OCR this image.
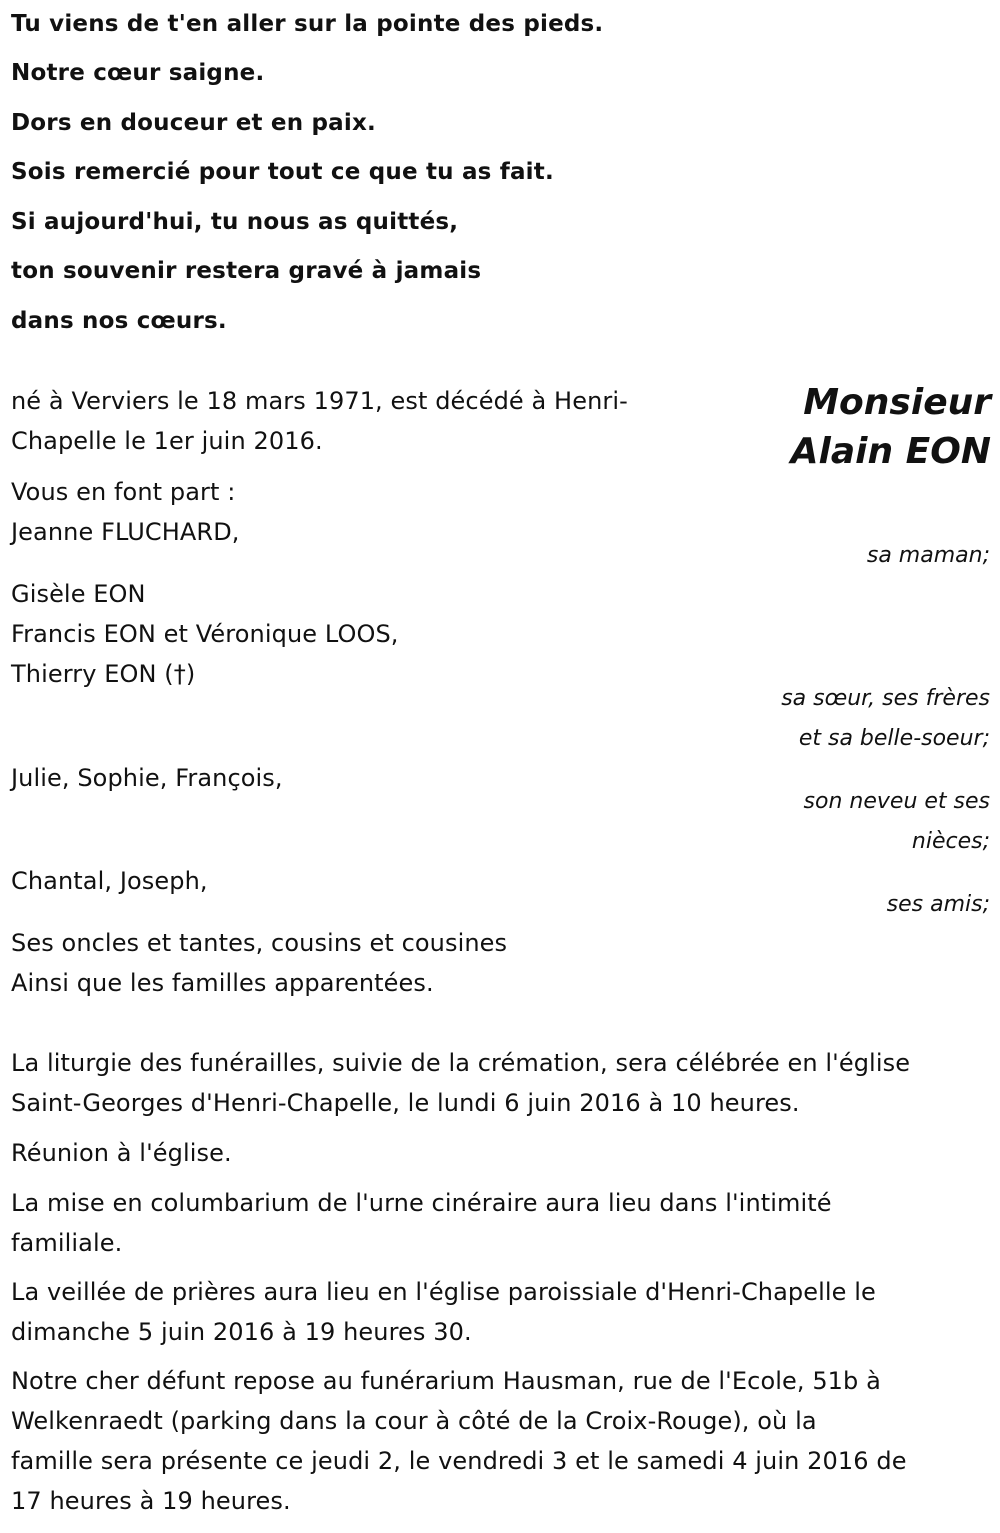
Tu viens de t'en aller sur la pointe des pieds.

Notre cœur saigne.

Dors en douceur et en paix.

Sois remercié pour tout ce que tu as fait.

Si aujourd'hui, tu nous as quittés,

ton souvenir restera gravé à jamais

dans nos cœurs.

Monsieur

Alain EON

né à Verviers le 18 mars 1971, est décédé à Henri-

Chapelle le 1er juin 2016.

Vous en font part :

Jeanne FLUCHARD,

sa maman;

Gisèle EON

Francis EON et Véronique LOOS,

Thierry EON (†)

sa sœur, ses frères

et sa belle-soeur;

Julie, Sophie, François,

son neveu et ses

nièces;

Chantal, Joseph,

ses amis;

Ses oncles et tantes, cousins et cousines

Ainsi que les familles apparentées.

La liturgie des funérailles, suivie de la crémation, sera célébrée en l'église

Saint-Georges d'Henri-Chapelle, le lundi 6 juin 2016 à 10 heures.

Réunion à l'église.

La mise en columbarium de l'urne cinéraire aura lieu dans l'intimité

familiale.

La veillée de prières aura lieu en l'église paroissiale d'Henri-Chapelle le

dimanche 5 juin 2016 à 19 heures 30.

Notre cher défunt repose au funérarium Hausman, rue de l'Ecole, 51b à

Welkenraedt (parking dans la cour à côté de la Croix-Rouge), où la

famille sera présente ce jeudi 2, le vendredi 3 et le samedi 4 juin 2016 de

17 heures à 19 heures.
